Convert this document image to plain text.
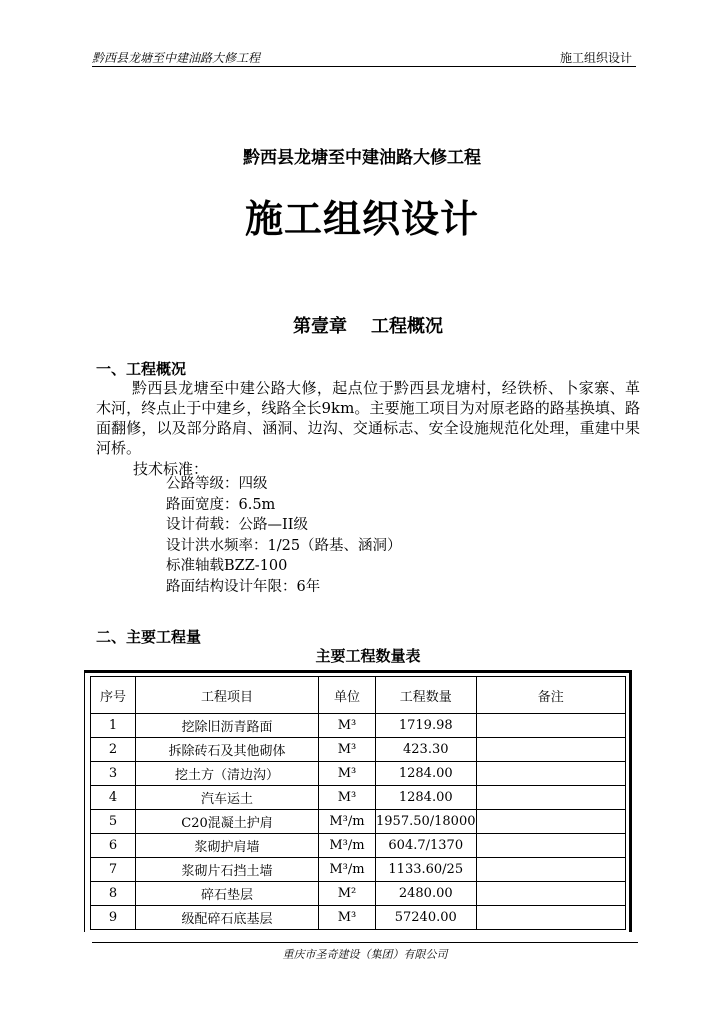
黔西县龙塘至中建油路大修工程	施工组织设计
黔西县龙塘至中建油路大修工程
施工组织设计
第壹章 工程概况
一、工程概况
黔西县龙塘至中建公路大修，起点位于黔西县龙塘村，经铁桥、卜家寨、革木河，终点止于中建乡，线路全长9km。主要施工项目为对原老路的路基换填、路面翻修，以及部分路肩、涵洞、边沟、交通标志、安全设施规范化处理，重建中果河桥。
技术标准：
公路等级：四级
路面宽度：6.5m
设计荷载：公路—II级
设计洪水频率：1/25（路基、涵洞）
标准轴载BZZ-100
路面结构设计年限：6年
二、主要工程量
主要工程数量表
序号	工程项目	单位	工程数量	备注
1	挖除旧沥青路面	M³	1719.98	
2	拆除砖石及其他砌体	M³	423.30	
3	挖土方（清边沟）	M³	1284.00	
4	汽车运土	M³	1284.00	
5	C20混凝土护肩	M³/m	1957.50/18000	
6	浆砌护肩墙	M³/m	604.7/1370	
7	浆砌片石挡土墙	M³/m	1133.60/25	
8	碎石垫层	M²	2480.00	
9	级配碎石底基层	M³	57240.00	
重庆市圣奇建设（集团）有限公司
